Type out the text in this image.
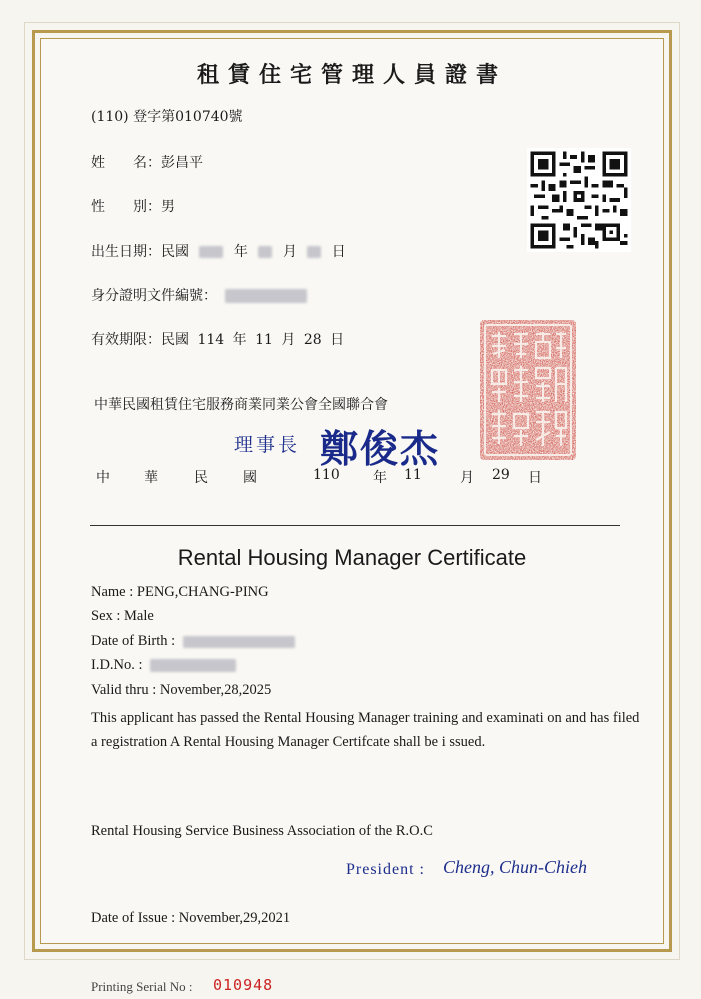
租賃住宅管理人員證書
(110) 登字第010740號
姓　　名：彭昌平
性　　別：男
出生日期：民國	年 月 日
身分證明文件編號：
有效期限：民國 114 年 11 月 28 日
中華民國租賃住宅服務商業同業公會全國聯合會
理事長 鄭俊杰
中 華	民	國	110 年 11	月 29 日
Rental Housing Manager Certificate
Name : PENG,CHANG-PING
Sex : Male
Date of Birth :
I.D.No. :
Valid thru : November,28,2025
This applicant has passed the Rental Housing Manager training and examinati on and has filed a registration A Rental Housing Manager Certifcate shall be i ssued.
Rental Housing Service Business Association of the R.O.C
President : Cheng, Chun-Chieh
Date of Issue : November,29,2021
Printing Serial No : 010948
